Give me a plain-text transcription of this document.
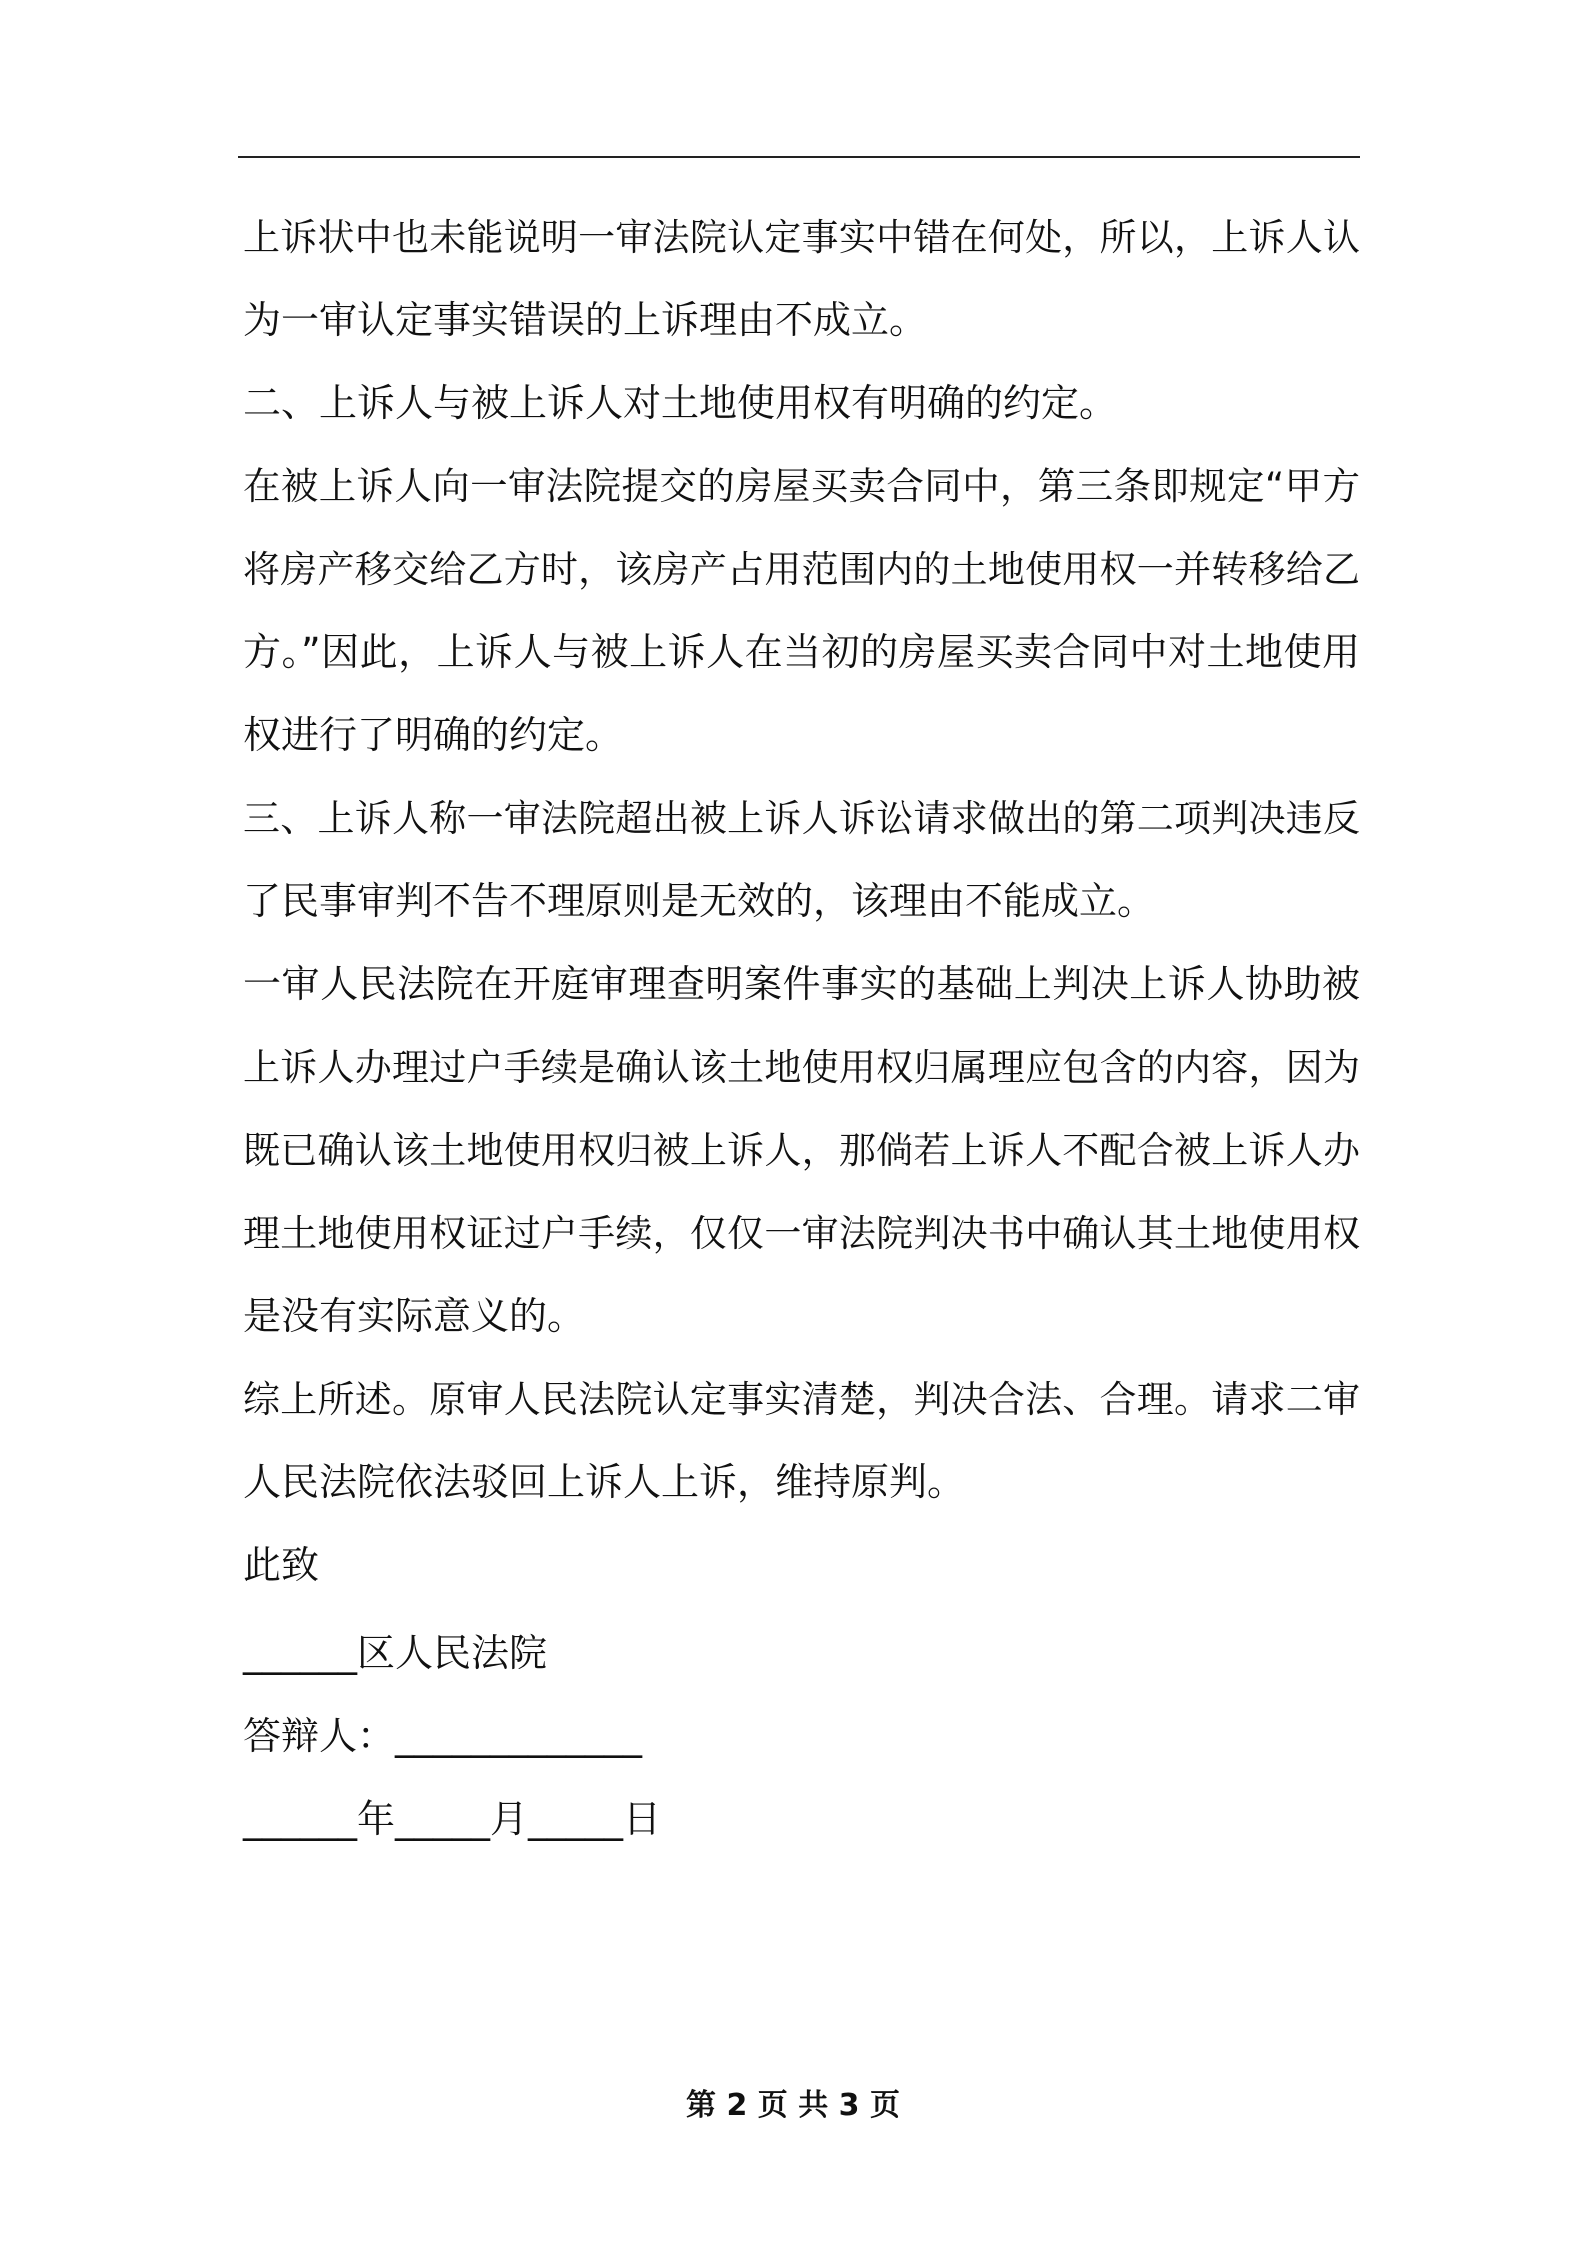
上诉状中也未能说明一审法院认定事实中错在何处，所以，上诉人认
为一审认定事实错误的上诉理由不成立。
二、上诉人与被上诉人对土地使用权有明确的约定。
在被上诉人向一审法院提交的房屋买卖合同中，第三条即规定“甲方
将房产移交给乙方时，该房产占用范围内的土地使用权一并转移给乙
方。”因此，上诉人与被上诉人在当初的房屋买卖合同中对土地使用
权进行了明确的约定。
三、上诉人称一审法院超出被上诉人诉讼请求做出的第二项判决违反
了民事审判不告不理原则是无效的，该理由不能成立。
一审人民法院在开庭审理查明案件事实的基础上判决上诉人协助被
上诉人办理过户手续是确认该土地使用权归属理应包含的内容，因为
既已确认该土地使用权归被上诉人，那倘若上诉人不配合被上诉人办
理土地使用权证过户手续，仅仅一审法院判决书中确认其土地使用权
是没有实际意义的。
综上所述。原审人民法院认定事实清楚，判决合法、合理。请求二审
人民法院依法驳回上诉人上诉，维持原判。
此致
______区人民法院
答辩人：_____________
______年_____月_____日
第 2 页 共 3 页
